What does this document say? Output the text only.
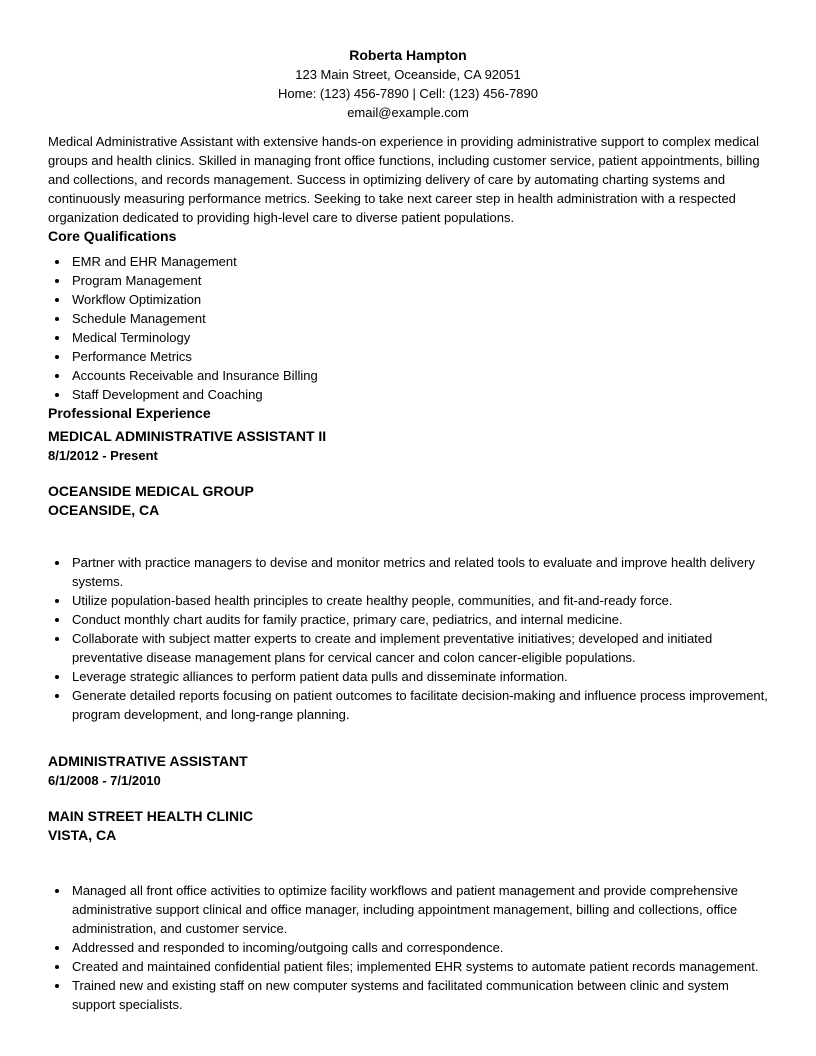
Roberta Hampton
123 Main Street, Oceanside, CA 92051
Home: (123) 456-7890 | Cell: (123) 456-7890
email@example.com

Medical Administrative Assistant with extensive hands-on experience in providing administrative support to complex medical groups and health clinics. Skilled in managing front office functions, including customer service, patient appointments, billing and collections, and records management. Success in optimizing delivery of care by automating charting systems and continuously measuring performance metrics. Seeking to take next career step in health administration with a respected organization dedicated to providing high-level care to diverse patient populations.

Core Qualifications
• EMR and EHR Management
• Program Management
• Workflow Optimization
• Schedule Management
• Medical Terminology
• Performance Metrics
• Accounts Receivable and Insurance Billing
• Staff Development and Coaching
Professional Experience
MEDICAL ADMINISTRATIVE ASSISTANT II
8/1/2012 - Present
OCEANSIDE MEDICAL GROUP
OCEANSIDE, CA
• Partner with practice managers to devise and monitor metrics and related tools to evaluate and improve health delivery systems.
• Utilize population-based health principles to create healthy people, communities, and fit-and-ready force.
• Conduct monthly chart audits for family practice, primary care, pediatrics, and internal medicine.
• Collaborate with subject matter experts to create and implement preventative initiatives; developed and initiated preventative disease management plans for cervical cancer and colon cancer-eligible populations.
• Leverage strategic alliances to perform patient data pulls and disseminate information.
• Generate detailed reports focusing on patient outcomes to facilitate decision-making and influence process improvement, program development, and long-range planning.
ADMINISTRATIVE ASSISTANT
6/1/2008 - 7/1/2010
MAIN STREET HEALTH CLINIC
VISTA, CA
• Managed all front office activities to optimize facility workflows and patient management and provide comprehensive administrative support clinical and office manager, including appointment management, billing and collections, office administration, and customer service.
• Addressed and responded to incoming/outgoing calls and correspondence.
• Created and maintained confidential patient files; implemented EHR systems to automate patient records management.
• Trained new and existing staff on new computer systems and facilitated communication between clinic and system support specialists.
